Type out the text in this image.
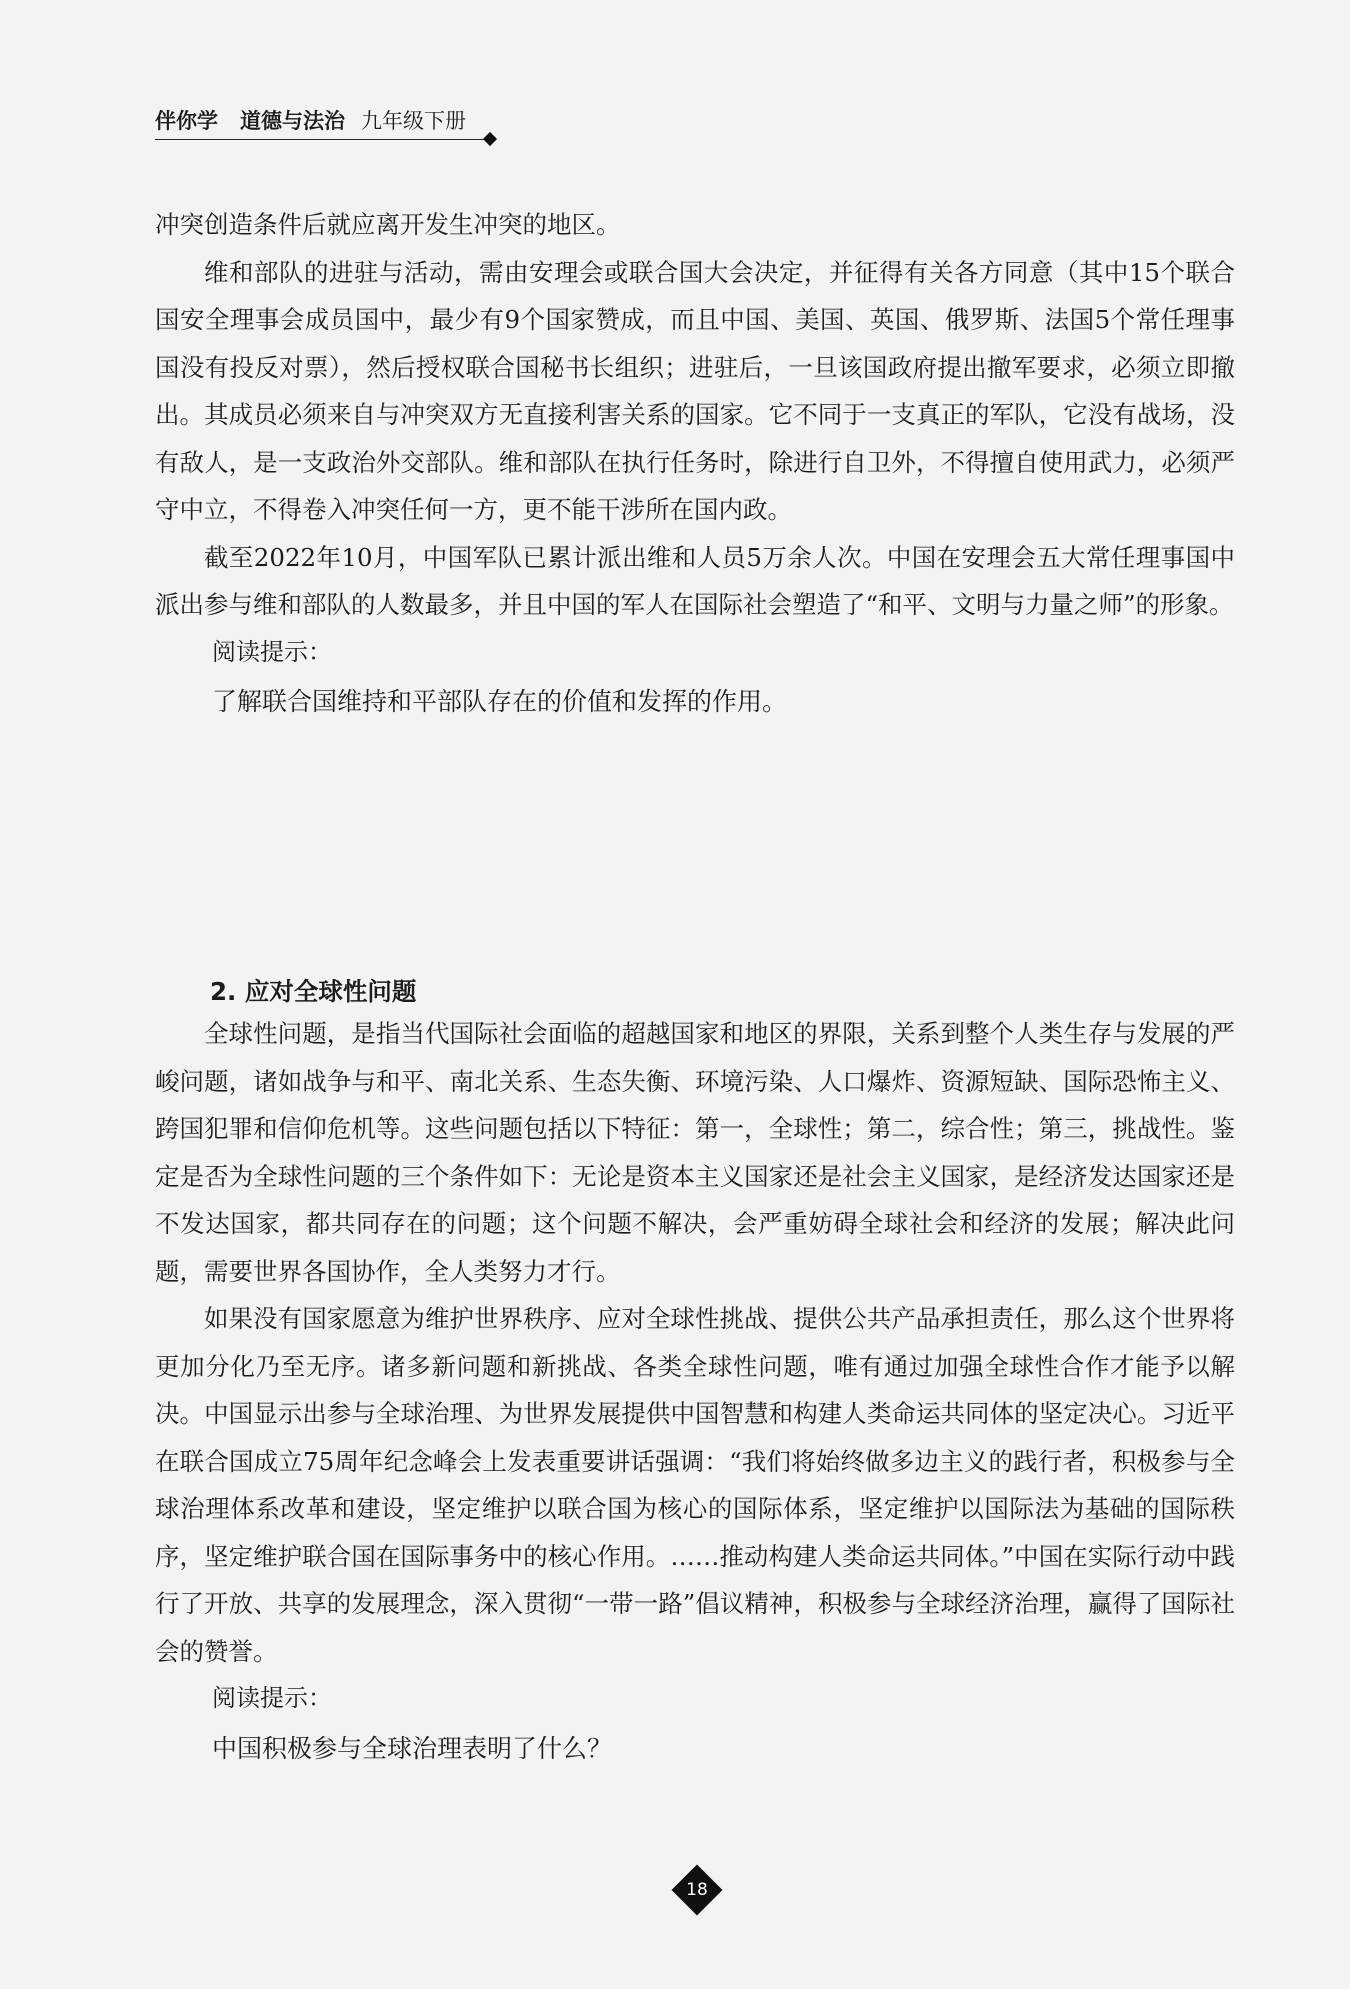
伴你学 道德与法治 九年级下册

冲突创造条件后就应离开发生冲突的地区。

维和部队的进驻与活动，需由安理会或联合国大会决定，并征得有关各方同意（其中15个联合国安全理事会成员国中，最少有9个国家赞成，而且中国、美国、英国、俄罗斯、法国5个常任理事国没有投反对票），然后授权联合国秘书长组织；进驻后，一旦该国政府提出撤军要求，必须立即撤出。其成员必须来自与冲突双方无直接利害关系的国家。它不同于一支真正的军队，它没有战场，没有敌人，是一支政治外交部队。维和部队在执行任务时，除进行自卫外，不得擅自使用武力，必须严守中立，不得卷入冲突任何一方，更不能干涉所在国内政。

截至2022年10月，中国军队已累计派出维和人员5万余人次。中国在安理会五大常任理事国中派出参与维和部队的人数最多，并且中国的军人在国际社会塑造了“和平、文明与力量之师”的形象。

阅读提示：

了解联合国维持和平部队存在的价值和发挥的作用。

2. 应对全球性问题

全球性问题，是指当代国际社会面临的超越国家和地区的界限，关系到整个人类生存与发展的严峻问题，诸如战争与和平、南北关系、生态失衡、环境污染、人口爆炸、资源短缺、国际恐怖主义、跨国犯罪和信仰危机等。这些问题包括以下特征：第一，全球性；第二，综合性；第三，挑战性。鉴定是否为全球性问题的三个条件如下：无论是资本主义国家还是社会主义国家，是经济发达国家还是不发达国家，都共同存在的问题；这个问题不解决，会严重妨碍全球社会和经济的发展；解决此问题，需要世界各国协作，全人类努力才行。

如果没有国家愿意为维护世界秩序、应对全球性挑战、提供公共产品承担责任，那么这个世界将更加分化乃至无序。诸多新问题和新挑战、各类全球性问题，唯有通过加强全球性合作才能予以解决。中国显示出参与全球治理、为世界发展提供中国智慧和构建人类命运共同体的坚定决心。习近平在联合国成立75周年纪念峰会上发表重要讲话强调：“我们将始终做多边主义的践行者，积极参与全球治理体系改革和建设，坚定维护以联合国为核心的国际体系，坚定维护以国际法为基础的国际秩序，坚定维护联合国在国际事务中的核心作用。……推动构建人类命运共同体。”中国在实际行动中践行了开放、共享的发展理念，深入贯彻“一带一路”倡议精神，积极参与全球经济治理，赢得了国际社会的赞誉。

阅读提示：

中国积极参与全球治理表明了什么？

18
